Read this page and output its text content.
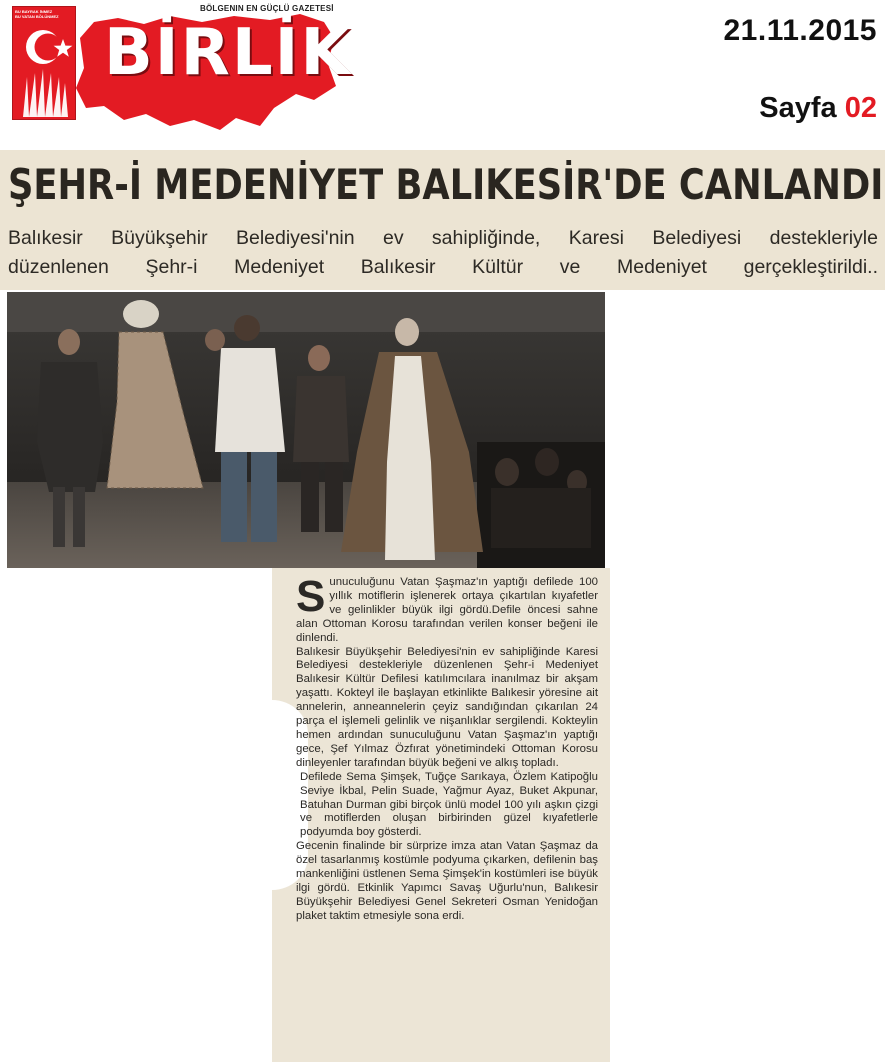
BU BAYRAK İNMEZ
BU VATAN BÖLÜNMEZ
BÖLGENIN EN GÜÇLÜ GAZETESİ
BİRLİK	21.11.2015
Sayfa 02
ŞEHR-İ MEDENİYET BALIKESİR'DE CANLANDI
Balıkesir Büyükşehir Belediyesi'nin ev sahipliğinde, Karesi Belediyesi destekleriyle
düzenlenen Şehr-i Medeniyet Balıkesir Kültür ve Medeniyet gerçekleştirildi..

Sunuculuğunu Vatan Şaşmaz'ın yaptığı defilede 100 yıllık motiflerin işlenerek ortaya çıkartılan kıyafetler ve gelinlikler büyük ilgi gördü.Defile öncesi sahne alan Ottoman Korosu tarafından verilen konser beğeni ile dinlendi.

Balıkesir Büyükşehir Belediyesi'nin ev sahipliğinde Karesi Belediyesi destekleriyle düzenlenen Şehr-i Medeniyet Balıkesir Kültür Defilesi katılımcılara inanılmaz bir akşam yaşattı. Kokteyl ile başlayan etkinlikte Balıkesir yöresine ait annelerin, anneannelerin çeyiz sandığından çıkarılan 24 parça el işlemeli gelinlik ve nişanlıklar sergilendi. Kokteylin hemen ardından sunuculuğunu Vatan Şaşmaz'ın yaptığı gece, Şef Yılmaz Özfırat yönetimindeki Ottoman Korosu dinleyenler tarafından büyük beğeni ve alkış topladı.

Defilede Sema Şimşek, Tuğçe Sarıkaya, Özlem Katipoğlu Seviye İkbal, Pelin Suade, Yağmur Ayaz, Buket Akpunar, Batuhan Durman gibi birçok ünlü model 100 yılı aşkın çizgi ve motiflerden oluşan birbirinden güzel kıyafetlerle podyumda boy gösterdi.

Gecenin finalinde bir sürprize imza atan Vatan Şaşmaz da özel tasarlanmış kostümle podyuma çıkarken, defilenin baş mankenliğini üstlenen Sema Şimşek'in kostümleri ise büyük ilgi gördü. Etkinlik Yapımcı Savaş Uğurlu'nun, Balıkesir Büyükşehir Belediyesi Genel Sekreteri Osman Yenidoğan plaket taktim etmesiyle sona erdi.
